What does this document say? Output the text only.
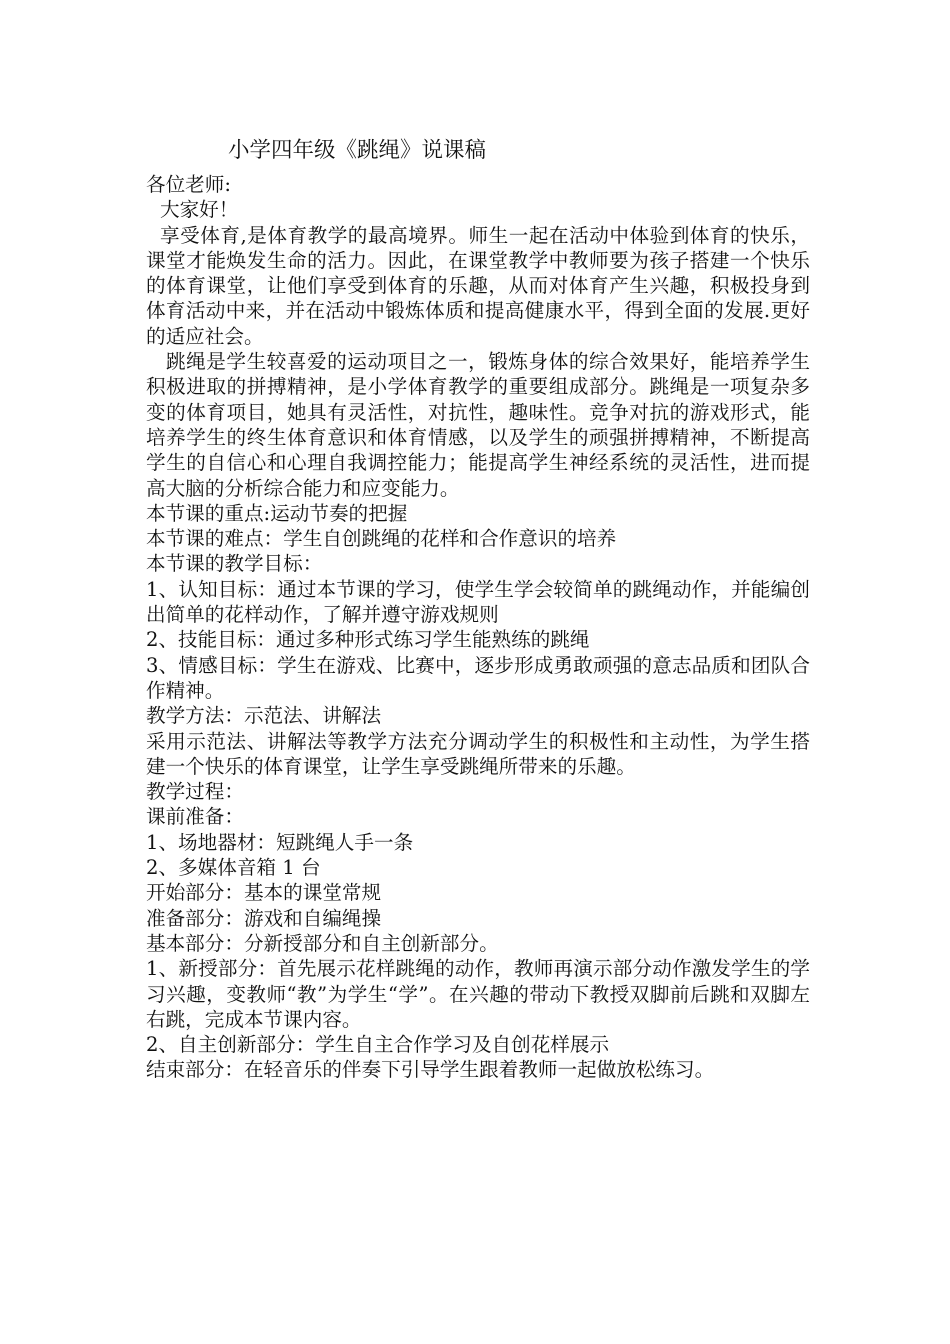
小学四年级《跳绳》说课稿

各位老师:

大家好！

享受体育,是体育教学的最高境界。师生一起在活动中体验到体育的快乐，课堂才能焕发生命的活力。因此，在课堂教学中教师要为孩子搭建一个快乐的体育课堂，让他们享受到体育的乐趣，从而对体育产生兴趣，积极投身到体育活动中来，并在活动中锻炼体质和提高健康水平，得到全面的发展.更好的适应社会。

跳绳是学生较喜爱的运动项目之一，锻炼身体的综合效果好，能培养学生积极进取的拼搏精神，是小学体育教学的重要组成部分。跳绳是一项复杂多变的体育项目，她具有灵活性，对抗性，趣味性。竞争对抗的游戏形式，能培养学生的终生体育意识和体育情感，以及学生的顽强拼搏精神，不断提高学生的自信心和心理自我调控能力；能提高学生神经系统的灵活性，进而提高大脑的分析综合能力和应变能力。

本节课的重点:运动节奏的把握

本节课的难点：学生自创跳绳的花样和合作意识的培养

本节课的教学目标：

1、认知目标：通过本节课的学习，使学生学会较简单的跳绳动作，并能编创出简单的花样动作，了解并遵守游戏规则

2、技能目标：通过多种形式练习学生能熟练的跳绳

3、情感目标：学生在游戏、比赛中，逐步形成勇敢顽强的意志品质和团队合作精神。

教学方法：示范法、讲解法

采用示范法、讲解法等教学方法充分调动学生的积极性和主动性，为学生搭建一个快乐的体育课堂，让学生享受跳绳所带来的乐趣。

教学过程：

课前准备：

1、场地器材：短跳绳人手一条

2、多媒体音箱 1 台

开始部分：基本的课堂常规

准备部分：游戏和自编绳操

基本部分：分新授部分和自主创新部分。

1、新授部分：首先展示花样跳绳的动作，教师再演示部分动作激发学生的学习兴趣，变教师“教”为学生“学”。在兴趣的带动下教授双脚前后跳和双脚左右跳，完成本节课内容。

2、自主创新部分：学生自主合作学习及自创花样展示

结束部分：在轻音乐的伴奏下引导学生跟着教师一起做放松练习。
